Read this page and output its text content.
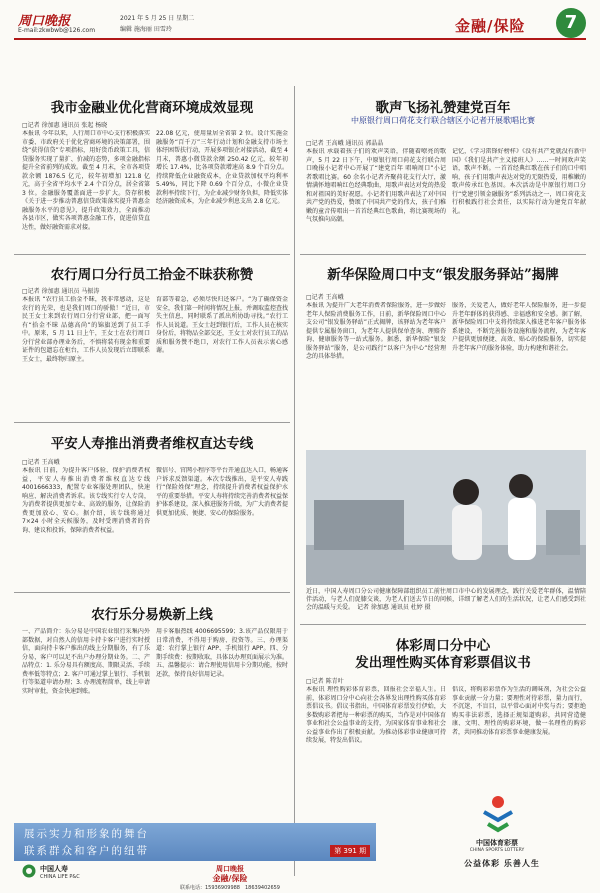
周口晚报
E-mail:zkwbwb@126.com
2021 年 5 月 25 日 星期二
编辑 施海丽 田雪玲	金融/保险	7
我市金融业优化营商环境成效显现
□记者 徐加惠 通讯员 张起 杨晓
本报讯 今年以来，人行周口市中心支行积极落实市委、市政府关于优化营商环境的决策部署，围绕“获得信贷”专项指标，用好货币政策工具，信贷服务实现了量扩、价减的态势，多项金融指标提升全省前列的成效。截至 4 月末，全市各项贷款余额 1876.5 亿元，较年初增加 121.8 亿元，高于全省平均水平 2.4 个百分点，居全省第 3 位。金融服务覆盖面进一步扩大。贷存积极《关于进一步推动普惠信贷政策落实提升普惠金融服务水平的意见》，提升政策效力，全面推动各县市区，做实各项普惠金融工作，促进信贷直达性，做好融资需求对接。
22.08 亿元，使用量居全省第 2 位。设计实施金融服务“百千万”三年行动计划和金融支持市场主体纾困帮扶行动，开展多项银企对接活动，截至 4 月末，普惠小微贷款余额 250.42 亿元，较年初增长 17.4%，比各项贷款增速高 8.9 个百分点。持续降低企业融资成本，企业贷款加权平均利率 5.49%，同比下降 0.69 个百分点，小微企业贷款利率持续下行，为企业减少财务负担，降低实体经济融资成本，为企业减少利息支出 2.8 亿元。
农行周口分行员工拾金不昧获称赞
□记者 徐加惠 通讯员 马振涛
本报讯 “农行员工拾金不昧，我非常感动，这是农行的光荣，也是我们周口的骄傲！”近日，市民王女士来到农行周口分行营业部，把一面写有“拾金不昧 品德高尚”的锦旗送到了员工手中。原来，5 月 11 日上午，王女士在农行周口分行营业部办理业务后，不慎将装有现金和重要证件的包遗忘在柜台，工作人员发现后立即联系王女士，最终物归原主。
育部等着急，必须尽快归还客户。“为了确保资金安全，我们第一时间将情况上报，并调取监控查找失主信息，同时联系了派出所协助寻找。”农行工作人员说道。王女士赶到银行后，工作人员在核实身份后，将物品全部交还，王女士对农行员工的品质和服务赞不绝口，对农行工作人员表示衷心感谢。
平安人寿推出消费者维权直达专线
□记者 王高峨
本报讯 日前，为提升客户体验、保护消费者权益，平安人寿推出消费者维权直达专线 4001666333，配置专业客服处理团队，快速响应、解决消费者诉求。该专线实行专人专岗，为消费者提供更加专业、高效的服务，让保险消费更加放心、安心。据介绍，该专线将通过 7×24 小时全天候服务，及时受理消费者的咨询、建议和投诉，保障消费者权益。
微信号、官网小程序等平台开通直达入口，畅通客户诉求反馈渠道。本次专线推出，是平安人寿践行“保险姓保”理念，持续提升消费者权益保护水平的重要举措。平安人寿将持续完善消费者权益保护体系建设，深入推进服务升级，为广大消费者提供更加优质、便捷、安心的保险服务。
农行乐分易焕新上线
一、产品简介：乐分易是中国农业银行采集内外部数据，对自然人的信用卡持卡客户进行实时授信，面向持卡客户推出的线上分期服务，有了乐分易，客户可以足不出户办理分期业务。二、产品特点：1. 乐分易具有额度高、期限灵活、手续费率低等特点；2. 客户可通过掌上银行、手机银行等渠道申请办理；3. 办理流程简单，线上申请实时审批，资金快速到账。
用卡客服热线 4006695599；3.该产品仅限用于日常消费，不得用于购房、投资等。三、办理渠道：农行掌上银行 APP、手机银行 APP。四、分期手续费：按期收取，具体以办理页面展示为准。五、温馨提示：请合理使用信用卡分期功能，按时还款，保持良好信用记录。
歌声飞扬礼赞建党百年
中原银行周口荷花支行联合辖区小记者开展歌唱比赛
□记者 王高峨 通讯员 郭晶晶
本报讯 承载着孩子们的欢声笑语，伴随着嘹亮的歌声，5 月 22 日下午，中原银行周口荷花支行联合周口晚报小记者中心开展了“建党百年 唱响周口”小记者歌唱比赛。60 余名小记者齐聚荷花支行大厅，激情满怀地唱响红色经典歌曲，用歌声表达对党的热爱和对祖国的美好祝愿。小记者们用歌声表达了对中国共产党的热爱，赞颂了中国共产党的伟大，孩子们稚嫩的童音传唱出一首首经典红色歌曲，将比赛现场的气氛推向高潮。
记忆，《学习雷锋好榜样》《没有共产党就没有新中国》《我们是共产主义接班人》……一时间欢声笑语，歌声不断。一首首经典红歌在孩子们的口中唱响，孩子们用歌声表达对党的无限热爱，用稚嫩的歌声传承红色基因。本次活动是中原银行周口分行“党建引领金融服务”系列活动之一，周口荷花支行积极践行社会责任，以实际行动为建党百年献礼。
新华保险周口中支“银发服务驿站”揭牌
□记者 王高峨
本报讯 为提升广大老年消费者保险服务，进一步做好老年人保险消费服务工作，日前，新华保险周口中心支公司“银发服务驿站”正式揭牌，该驿站为老年客户提供专属服务窗口，为老年人提供保单查询、理赔咨询、健康服务等一站式服务。据悉，新华保险“银发服务驿站”服务，是公司践行“以客户为中心”经营理念的具体举措。
服务，关爱老人，做好老年人保险服务，进一步提升老年群体的获得感、幸福感和安全感。据了解，新华保险周口中支将持续深入推进老年客户服务体系建设，不断完善服务设施和服务流程，为老年客户提供更加便捷、高效、贴心的保险服务，切实提升老年客户的服务体验，助力构建和谐社会。
近日，中国人寿周口分公司健康保障部组织员工前往周口市中心的发展理念，践行关爱老年群体，温情陪伴活动，与老人们促膝交谈，为老人们送去节日的问候，详细了解老人们的生活状况，让老人们感受到社会的温暖与关爱。　记者 徐加惠 通讯员 杜婷 摄
体彩周口分中心
发出理性购买体育彩票倡议书
□记者 陈青叶
本报讯 理性购彩体育彩票，回报社会幸福人生。日前，体彩周口分中心向社会各界发出理性购买体育彩票倡议书。倡议书指出，中国体育彩票发行伊始，大多数购彩者把每一种彩票的购买，当作是对中国体育事业和社会公益事业的支持，为国家体育事业和社会公益事业作出了积极贡献。为推动体彩事业健康可持续发展，特发出倡议。
倡议，将购彩彩票作为生活的调味剂，为社会公益事业贡献一分力量；要理性对待彩票，量力而行，不沉迷，不盲目，以平常心面对中奖与否；要拒绝购买非法彩票，选择正规渠道购彩，共同营造健康、文明、理性的购彩环境，做一名理性的购彩者，共同推动体育彩票事业健康发展。
中国体育彩票
CHINA SPORTS LOTTERY
公益体彩 乐善人生
展示实力和形象的舞台
联系群众和客户的纽带	第 391 期
中国人寿
CHINA LIFE P&C
周口晚报
金融/保险
联系电话：15936909988　18639402659
